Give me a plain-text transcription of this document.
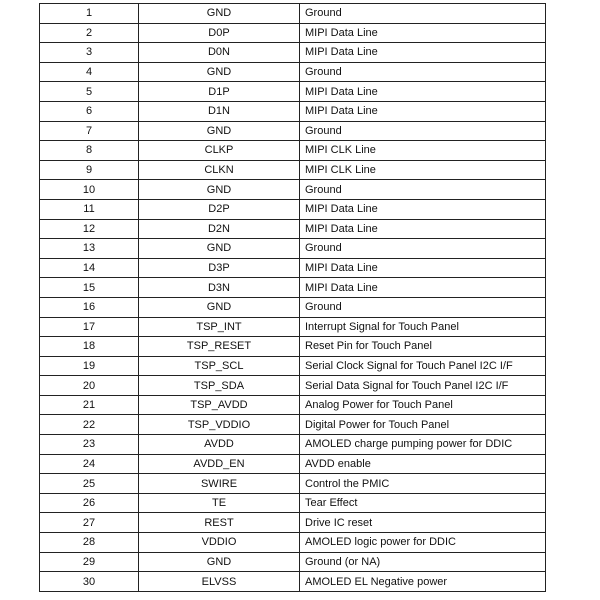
1	GND	Ground
2	D0P	MIPI Data Line
3	D0N	MIPI Data Line
4	GND	Ground
5	D1P	MIPI Data Line
6	D1N	MIPI Data Line
7	GND	Ground
8	CLKP	MIPI CLK Line
9	CLKN	MIPI CLK Line
10	GND	Ground
11	D2P	MIPI Data Line
12	D2N	MIPI Data Line
13	GND	Ground
14	D3P	MIPI Data Line
15	D3N	MIPI Data Line
16	GND	Ground
17	TSP_INT	Interrupt Signal for Touch Panel
18	TSP_RESET	Reset Pin for Touch Panel
19	TSP_SCL	Serial Clock Signal for Touch Panel I2C I/F
20	TSP_SDA	Serial Data Signal for Touch Panel I2C I/F
21	TSP_AVDD	Analog Power for Touch Panel
22	TSP_VDDIO	Digital Power for Touch Panel
23	AVDD	AMOLED charge pumping power for DDIC
24	AVDD_EN	AVDD enable
25	SWIRE	Control the PMIC
26	TE	Tear Effect
27	REST	Drive IC reset
28	VDDIO	AMOLED logic power for DDIC
29	GND	Ground (or NA)
30	ELVSS	AMOLED EL Negative power
